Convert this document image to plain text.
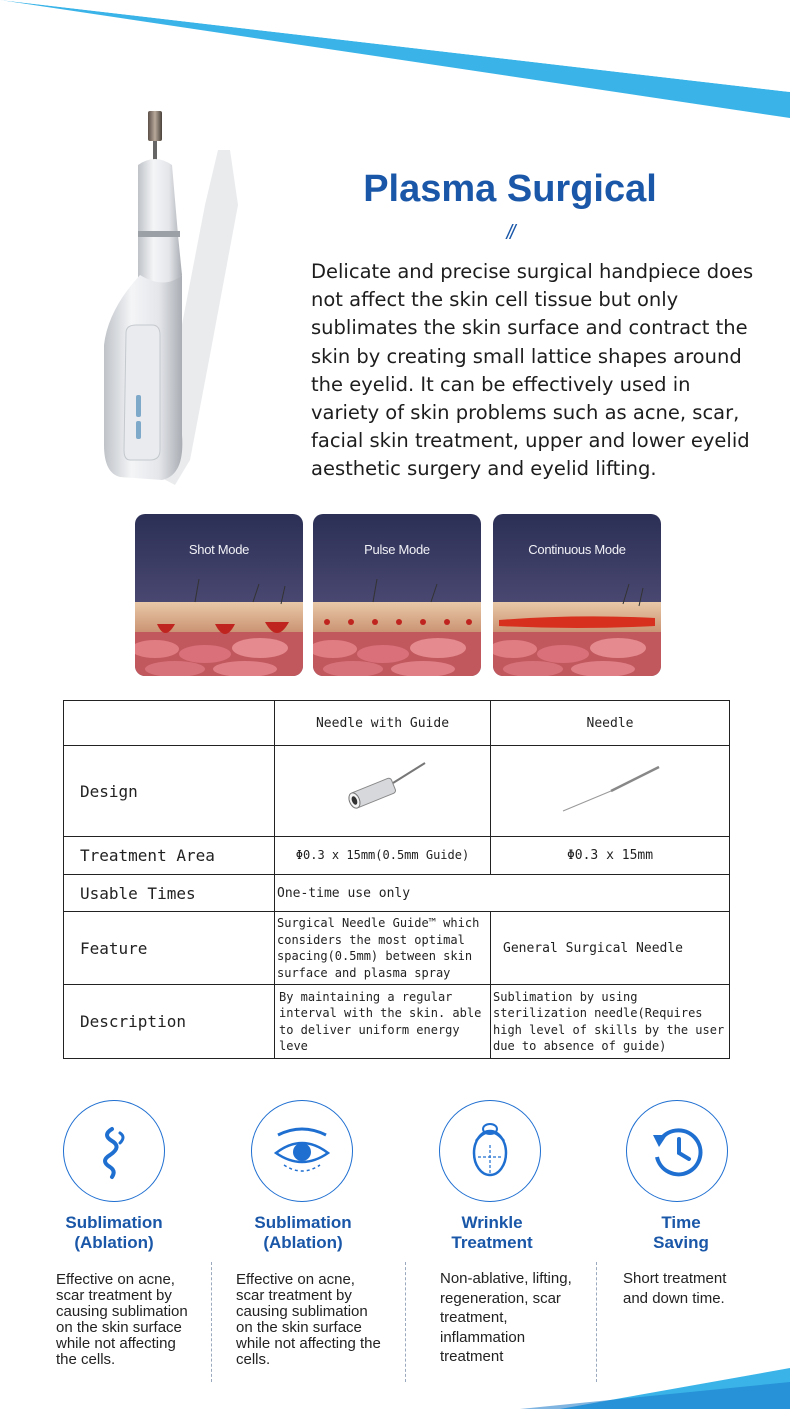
Plasma Surgical
//
Delicate and precise surgical handpiece does not affect the skin cell tissue but only sublimates the skin surface and contract the skin by creating small lattice shapes around the eyelid. It can be effectively used in variety of skin problems such as acne, scar, facial skin treatment, upper and lower eyelid aesthetic surgery and eyelid lifting.
Shot Mode	Pulse Mode	Continuous Mode
	Needle with Guide	Needle
Design		
Treatment Area	Φ0.3 x 15mm(0.5mm Guide)	Φ0.3 x 15mm
Usable Times	One-time use only	
Feature	Surgical Needle Guide™ which considers the most optimal spacing(0.5mm) between skin surface and plasma spray	General Surgical Needle
Description	By maintaining a regular interval with the skin. able to deliver uniform energy leve	Sublimation by using sterilization needle(Requires high level of skills by the user due to absence of guide)
Sublimation
(Ablation)
Sublimation
(Ablation)
Wrinkle
Treatment
Time
Saving
Effective on acne, scar treatment by causing sublimation on the skin surface while not affecting the cells.
Effective on acne, scar treatment by causing sublimation on the skin surface while not affecting the cells.
Non-ablative, lifting, regeneration, scar treatment, inflammation treatment
Short treatment and down time.
